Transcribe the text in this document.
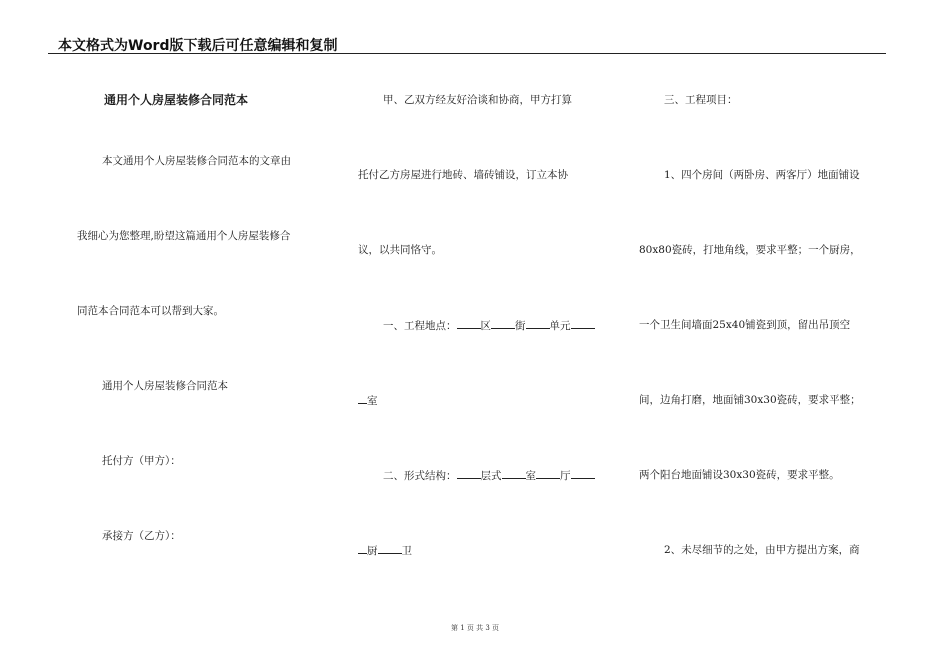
本文格式为Word版下载后可任意编辑和复制
通用个人房屋装修合同范本
本文通用个人房屋装修合同范本的文章由
我细心为您整理,盼望这篇通用个人房屋装修合
同范本合同范本可以帮到大家。
通用个人房屋装修合同范本
托付方（甲方）：
承接方（乙方）：
甲、乙双方经友好洽谈和协商，甲方打算
托付乙方房屋进行地砖、墙砖铺设，订立本协
议，以共同恪守。
一、工程地点： 区 街 单元
室
二、形式结构： 层式 室 厅
厨 卫
三、工程项目：
1、四个房间（两卧房、两客厅）地面铺设
80x80瓷砖，打地角线，要求平整；一个厨房，
一个卫生间墙面25x40铺瓷到顶，留出吊顶空
间，边角打磨，地面铺30x30瓷砖，要求平整；
两个阳台地面铺设30x30瓷砖，要求平整。
2、未尽细节的之处，由甲方提出方案，商
第 1 页 共 3 页
